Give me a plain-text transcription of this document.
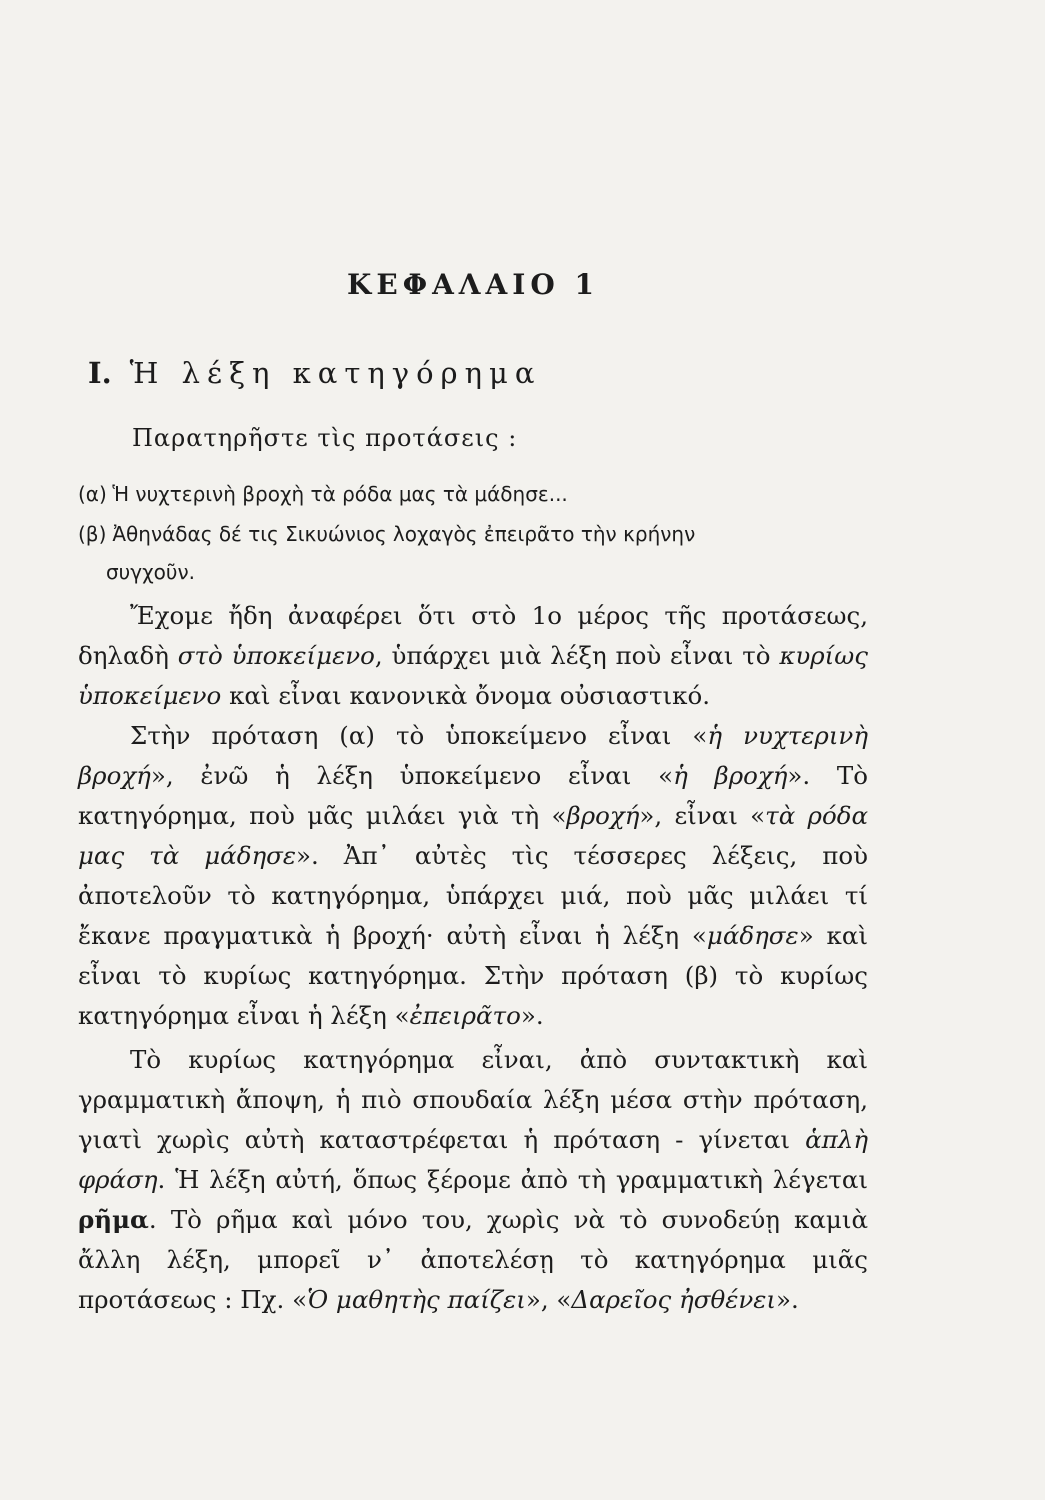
ΚΕΦΑΛΑΙΟ 1
I. Ἡ λέξη κατηγόρημα
Παρατηρῆστε τὶς προτάσεις :
(α) Ἡ νυχτερινὴ βροχὴ τὰ ρόδα μας τὰ μάδησε...
(β) Ἀθηνάδας δέ τις Σικυώνιος λοχαγὸς ἐπειρᾶτο τὴν κρήνην
συγχοῦν.
Ἔχομε ἤδη ἀναφέρει ὅτι στὸ 1ο μέρος τῆς προτάσεως, δηλαδὴ στὸ ὑποκείμενο, ὑπάρχει μιὰ λέξη ποὺ εἶναι τὸ κυρίως ὑποκείμενο καὶ εἶναι κανονικὰ ὄνομα οὐσιαστικό.
Στὴν πρόταση (α) τὸ ὑποκείμενο εἶναι «ἡ νυχτερινὴ βροχή», ἐνῶ ἡ λέξη ὑποκείμενο εἶναι «ἡ βροχή». Τὸ κατηγόρημα, ποὺ μᾶς μιλάει γιὰ τὴ «βροχή», εἶναι «τὰ ρόδα μας τὰ μάδησε». Ἀπ᾽ αὐτὲς τὶς τέσσερες λέξεις, ποὺ ἀποτελοῦν τὸ κατηγόρημα, ὑπάρχει μιά, ποὺ μᾶς μιλάει τί ἔκανε πραγματικὰ ἡ βροχή· αὐτὴ εἶναι ἡ λέξη «μάδησε» καὶ εἶναι τὸ κυρίως κατηγόρημα. Στὴν πρόταση (β) τὸ κυρίως κατηγόρημα εἶναι ἡ λέξη «ἐπειρᾶτο».
Τὸ κυρίως κατηγόρημα εἶναι, ἀπὸ συντακτικὴ καὶ γραμματικὴ ἄποψη, ἡ πιὸ σπουδαία λέξη μέσα στὴν πρόταση, γιατὶ χωρὶς αὐτὴ καταστρέφεται ἡ πρόταση - γίνεται ἁπλὴ φράση. Ἡ λέξη αὐτή, ὅπως ξέρομε ἀπὸ τὴ γραμματικὴ λέγεται ρῆμα. Τὸ ρῆμα καὶ μόνο του, χωρὶς νὰ τὸ συνοδεύῃ καμιὰ ἄλλη λέξη, μπορεῖ ν᾽ ἀποτελέσῃ τὸ κατηγόρημα μιᾶς προτάσεως : Πχ. «Ὁ μαθητὴς παίζει», «Δαρεῖος ἠσθένει».
